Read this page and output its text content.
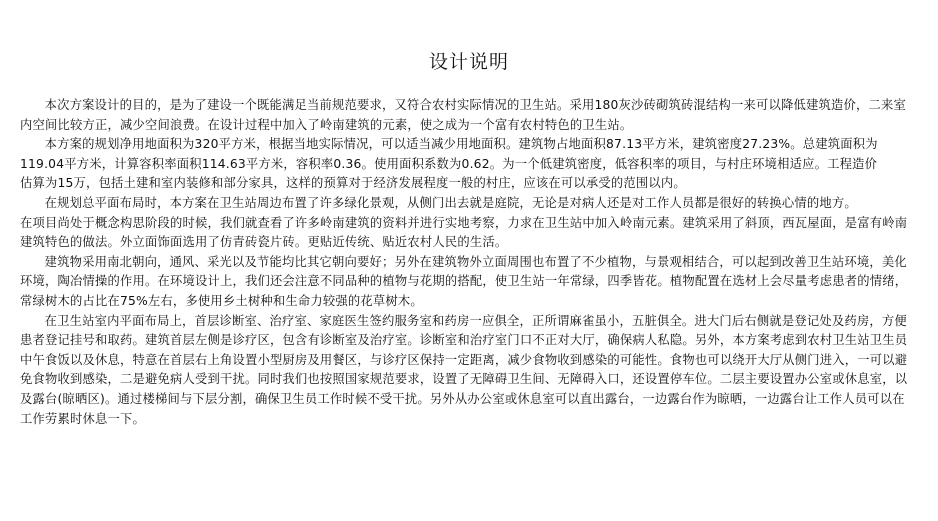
设计说明
本次方案设计的目的，是为了建设一个既能满足当前规范要求，又符合农村实际情况的卫生站。采用180灰沙砖砌筑砖混结构一来可以降低建筑造价，二来室
内空间比较方正，减少空间浪费。在设计过程中加入了岭南建筑的元素，使之成为一个富有农村特色的卫生站。
本方案的规划净用地面积为320平方米，根据当地实际情况，可以适当减少用地面积。建筑物占地面积87.13平方米，建筑密度27.23%。总建筑面积为
119.04平方米，计算容积率面积114.63平方米，容积率0.36。使用面积系数为0.62。为一个低建筑密度，低容积率的项目，与村庄环境相适应。工程造价
估算为15万，包括土建和室内装修和部分家具，这样的预算对于经济发展程度一般的村庄，应该在可以承受的范围以内。
在规划总平面布局时，本方案在卫生站周边布置了许多绿化景观，从侧门出去就是庭院，无论是对病人还是对工作人员都是很好的转换心情的地方。
在项目尚处于概念构思阶段的时候，我们就查看了许多岭南建筑的资料并进行实地考察，力求在卫生站中加入岭南元素。建筑采用了斜顶，西瓦屋面，是富有岭南
建筑特色的做法。外立面饰面选用了仿青砖瓷片砖。更贴近传统、贴近农村人民的生活。
建筑物采用南北朝向，通风、采光以及节能均比其它朝向要好；另外在建筑物外立面周围也布置了不少植物，与景观相结合，可以起到改善卫生站环境，美化
环境，陶冶情操的作用。在环境设计上，我们还会注意不同品种的植物与花期的搭配，使卫生站一年常绿，四季皆花。植物配置在选材上会尽量考虑患者的情绪，
常绿树木的占比在75%左右，多使用乡土树种和生命力较强的花草树木。
在卫生站室内平面布局上，首层诊断室、治疗室、家庭医生签约服务室和药房一应俱全，正所谓麻雀虽小，五脏俱全。进大门后右侧就是登记处及药房，方便
患者登记挂号和取药。建筑首层左侧是诊疗区，包含有诊断室及治疗室。诊断室和治疗室门口不正对大厅，确保病人私隐。另外，本方案考虑到农村卫生站卫生员
中午食饭以及休息，特意在首层右上角设置小型厨房及用餐区，与诊疗区保持一定距离，减少食物收到感染的可能性。食物也可以绕开大厅从侧门进入，一可以避
免食物收到感染，二是避免病人受到干扰。同时我们也按照国家规范要求，设置了无障碍卫生间、无障碍入口，还设置停车位。二层主要设置办公室或休息室，以
及露台(晾晒区)。通过楼梯间与下层分割，确保卫生员工作时候不受干扰。另外从办公室或休息室可以直出露台，一边露台作为晾晒，一边露台让工作人员可以在
工作劳累时休息一下。
